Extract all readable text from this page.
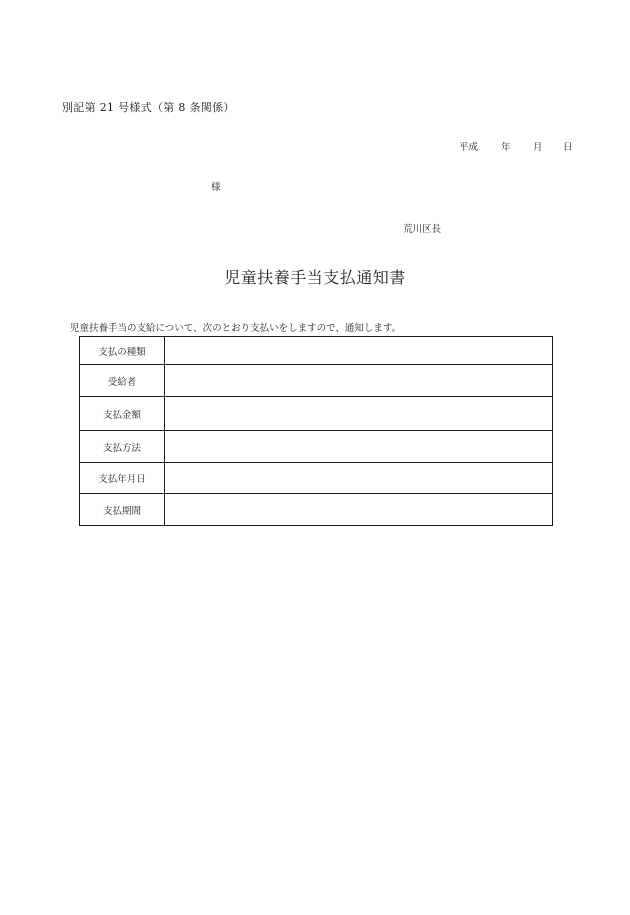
別記第 21 号様式（第 8 条関係）
平成 年 月 日
様
荒川区長
児童扶養手当支払通知書
児童扶養手当の支給について、次のとおり支払いをしますので、通知します。
支払の種類	
受給者	
支払金額	
支払方法	
支払年月日	
支払期間	
